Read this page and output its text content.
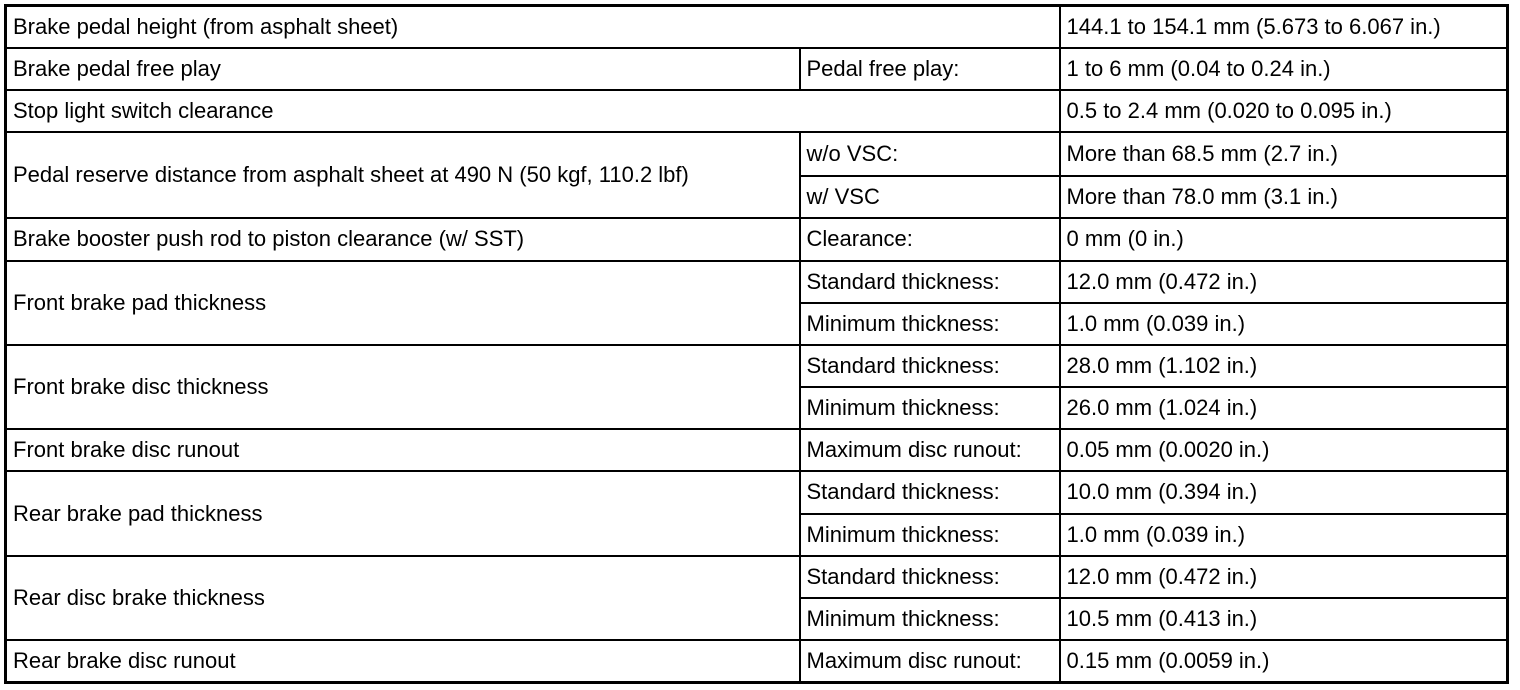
Brake pedal height (from asphalt sheet)		144.1 to 154.1 mm (5.673 to 6.067 in.)
Brake pedal free play	Pedal free play:	1 to 6 mm (0.04 to 0.24 in.)
Stop light switch clearance		0.5 to 2.4 mm (0.020 to 0.095 in.)
Pedal reserve distance from asphalt sheet at 490 N (50 kgf, 110.2 lbf)	w/o VSC:	More than 68.5 mm (2.7 in.)
	w/ VSC	More than 78.0 mm (3.1 in.)
Brake booster push rod to piston clearance (w/ SST)	Clearance:	0 mm (0 in.)
Front brake pad thickness	Standard thickness:	12.0 mm (0.472 in.)
	Minimum thickness:	1.0 mm (0.039 in.)
Front brake disc thickness	Standard thickness:	28.0 mm (1.102 in.)
	Minimum thickness:	26.0 mm (1.024 in.)
Front brake disc runout	Maximum disc runout:	0.05 mm (0.0020 in.)
Rear brake pad thickness	Standard thickness:	10.0 mm (0.394 in.)
	Minimum thickness:	1.0 mm (0.039 in.)
Rear disc brake thickness	Standard thickness:	12.0 mm (0.472 in.)
	Minimum thickness:	10.5 mm (0.413 in.)
Rear brake disc runout	Maximum disc runout:	0.15 mm (0.0059 in.)
